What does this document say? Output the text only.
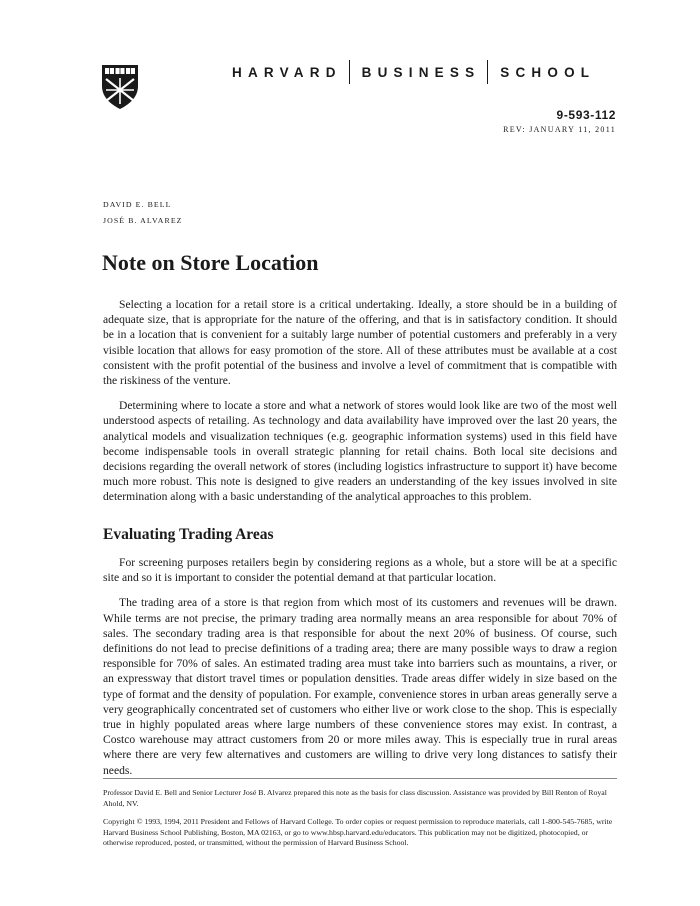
HARVARD BUSINESS SCHOOL
9-593-112
REV: JANUARY 11, 2011
DAVID E. BELL
JOSÉ B. ALVAREZ
Note on Store Location

Selecting a location for a retail store is a critical undertaking. Ideally, a store should be in a building of adequate size, that is appropriate for the nature of the offering, and that is in satisfactory condition. It should be in a location that is convenient for a suitably large number of potential customers and preferably in a very visible location that allows for easy promotion of the store. All of these attributes must be available at a cost consistent with the profit potential of the business and involve a level of commitment that is compatible with the riskiness of the venture.

Determining where to locate a store and what a network of stores would look like are two of the most well understood aspects of retailing. As technology and data availability have improved over the last 20 years, the analytical models and visualization techniques (e.g. geographic information systems) used in this field have become indispensable tools in overall strategic planning for retail chains. Both local site decisions and decisions regarding the overall network of stores (including logistics infrastructure to support it) have become much more robust. This note is designed to give readers an understanding of the key issues involved in site determination along with a basic understanding of the analytical approaches to this problem.

Evaluating Trading Areas

For screening purposes retailers begin by considering regions as a whole, but a store will be at a specific site and so it is important to consider the potential demand at that particular location.

The trading area of a store is that region from which most of its customers and revenues will be drawn. While terms are not precise, the primary trading area normally means an area responsible for about 70% of sales. The secondary trading area is that responsible for about the next 20% of business. Of course, such definitions do not lead to precise definitions of a trading area; there are many possible ways to draw a region responsible for 70% of sales. An estimated trading area must take into barriers such as mountains, a river, or an expressway that distort travel times or population densities. Trade areas differ widely in size based on the type of format and the density of population. For example, convenience stores in urban areas generally serve a very geographically concentrated set of customers who either live or work close to the shop. This is especially true in highly populated areas where large numbers of these convenience stores may exist. In contrast, a Costco warehouse may attract customers from 20 or more miles away. This is especially true in rural areas where there are very few alternatives and customers are willing to drive very long distances to satisfy their needs.

Professor David E. Bell and Senior Lecturer José B. Alvarez prepared this note as the basis for class discussion. Assistance was provided by Bill Renton of Royal Ahold, NV.

Copyright © 1993, 1994, 2011 President and Fellows of Harvard College. To order copies or request permission to reproduce materials, call 1-800-545-7685, write Harvard Business School Publishing, Boston, MA 02163, or go to www.hbsp.harvard.edu/educators. This publication may not be digitized, photocopied, or otherwise reproduced, posted, or transmitted, without the permission of Harvard Business School.
